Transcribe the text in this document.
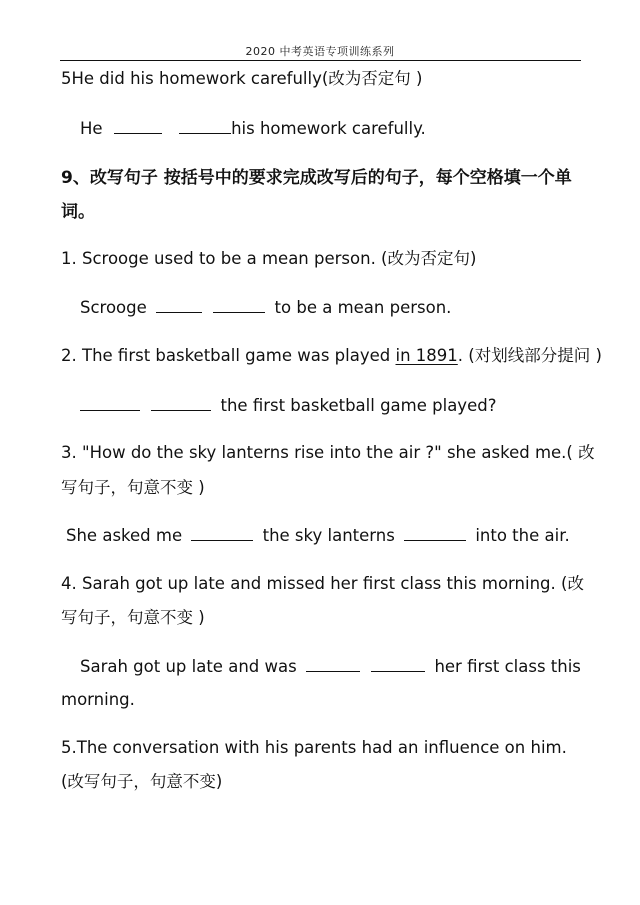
2020 中考英语专项训练系列
5He did his homework carefully(改为否定句 )
He	his homework carefully.
9、改写句子 按括号中的要求完成改写后的句子，每个空格填一个单
词。
1. Scrooge used to be a mean person. (改为否定句)
Scrooge	to be a mean person.
2. The first basketball game was played in 1891. (对划线部分提问 )
the first basketball game played?
3. "How do the sky lanterns rise into the air ?" she asked me.( 改
写句子，句意不变 )
She asked me	the sky lanterns	into the air.
4. Sarah got up late and missed her first class this morning. (改
写句子，句意不变 )
Sarah got up late and was	her first class this
morning.
5.The conversation with his parents had an influence on him.
(改写句子，句意不变)
